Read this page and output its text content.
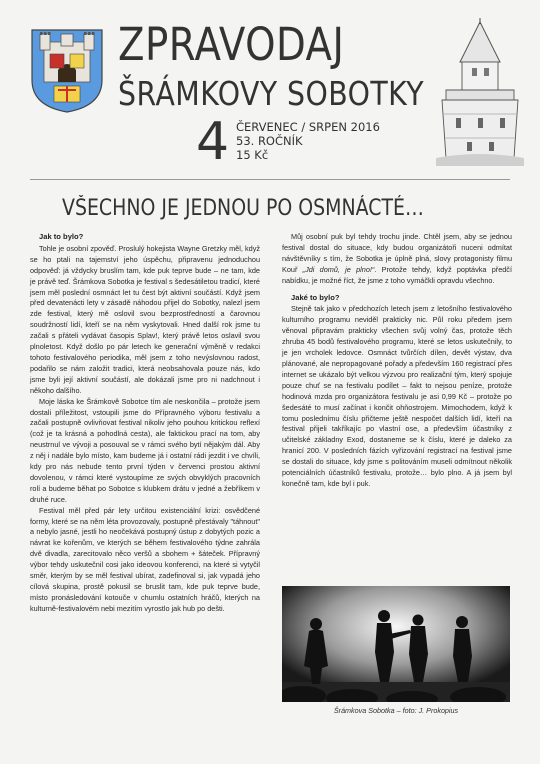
ZPRAVODAJ
ŠRÁMKOVY SOBOTKY
4 ČERVENEC / SRPEN 2016
53. ROČNÍK
15 Kč
VŠECHNO JE JEDNOU PO OSMNÁCTÉ…
Jak to bylo?

Tohle je osobní zpověď. Proslulý hokejista Wayne Gretzky měl, když se ho ptali na tajemství jeho úspěchu, připravenu jednoduchou odpověď: já vždycky bruslím tam, kde puk teprve bude – ne tam, kde je právě teď. Šrámkova Sobotka je festival s šedesátiletou tradicí, které jsem měl poslední osmnáct let tu čest být aktivní součástí. Když jsem před devatenácti lety v zásadě náhodou přijel do Sobotky, nalezl jsem zde festival, který mě oslovil svou bezprostředností a čarovnou soudržností lidí, kteří se na něm vyskytovali. Hned další rok jsme tu začali s přáteli vydávat časopis Splav!, který právě letos oslavil svou plnoletost. Když došlo po pár letech ke generační výměně v redakci tohoto festivalového periodika, měl jsem z toho nevýslovnou radost, podařilo se nám založit tradici, která neobsahovala pouze nás, kdo jsme byli její aktivní součástí, ale dokázali jsme pro ni nadchnout i někoho dalšího.

Moje láska ke Šrámkově Sobotce tím ale neskončila – protože jsem dostali příležitost, vstoupili jsme do Přípravného výboru festivalu a začali postupně ovlivňovat festival nikoliv jeho pouhou kritickou reflexí (což je ta krásná a pohodlná cesta), ale faktickou prací na tom, aby neustrnul ve vývoji a posouval se v rámci svého bytí nějakým dál. Aby z něj i nadále bylo místo, kam budeme já i ostatní rádi jezdit i ve chvíli, kdy pro nás nebude tento první týden v červenci prostou aktivní dovolenou, v rámci které vystoupíme ze svých obvyklých pracovních rolí a budeme běhat po Sobotce s klubkem drátu v jedné a žebříkem v druhé ruce.

Festival měl před pár lety určitou existenciální krizi: osvědčené formy, které se na něm léta provozovaly, postupně přestávaly "táhnout" a nebylo jasné, jestli ho neočekává postupný ústup z dobytých pozic a návrat ke kořenům, ve kterých se během festivalového týdne zahrála dvě divadla, zarecitovalo něco veršů a sbohem + šáteček. Přípravný výbor tehdy uskutečnil cosi jako ideovou konferenci, na které si vytyčil směr, kterým by se měl festival ubírat, zadefinoval si, jak vypadá jeho cílová skupina, prostě pokusil se bruslit tam, kde puk teprve bude, místo pronásledování kotouče v chumlu ostatních hráčů, kterých na kulturně-festivalovém nebi mezitím vyrostlo jak hub po dešti.

Můj osobní puk byl tehdy trochu jinde. Chtěl jsem, aby se jednou festival dostal do situace, kdy budou organizátoři nuceni odmítat návštěvníky s tím, že Sobotka je úplně plná, slovy protagonisty filmu Kouř „Jdi domů, je plno!“. Protože tehdy, když poptávka předčí nabídku, je možné říct, že jsme z toho vymáčkli opravdu všechno.

Jaké to bylo?

Stejně tak jako v předchozích letech jsem z letošního festivalového kulturního programu neviděl prakticky nic. Půl roku předem jsem věnoval připravám prakticky všechen svůj volný čas, protože těch zhruba 45 bodů festivalového programu, které se letos uskutečnily, to je jen vrcholek ledovce. Osmnáct tvůrčích dílen, devět výstav, dva plánované, ale nepropagované pořady a především 160 registrací přes internet se ukázalo být velkou výzvou pro realizační tým, který spojuje pouze chuť se na festivalu podílet – fakt to nejsou peníze, protože hodinová mzda pro organizátora festivalu je asi 0,99 Kč – protože po šedesáté to musí začínat i končit ohňostrojem. Mimochodem, když k tomu poslednímu číslu přičteme ještě nespočet dalších lidí, kteří na festival přijeli takříkajíc po vlastní ose, a především účastníky z učitelské základny Exod, dostaneme se k číslu, které je daleko za hranicí 200. V posledních fázích vyřizování registrací na festival jsme se dostali do situace, kdy jsme s politováním museli odmítnout několik potenciálních účastníků festivalu, protože… bylo plno. A já jsem byl konečně tam, kde byl i puk.

Šrámkova Sobotka – foto: J. Prokopius
